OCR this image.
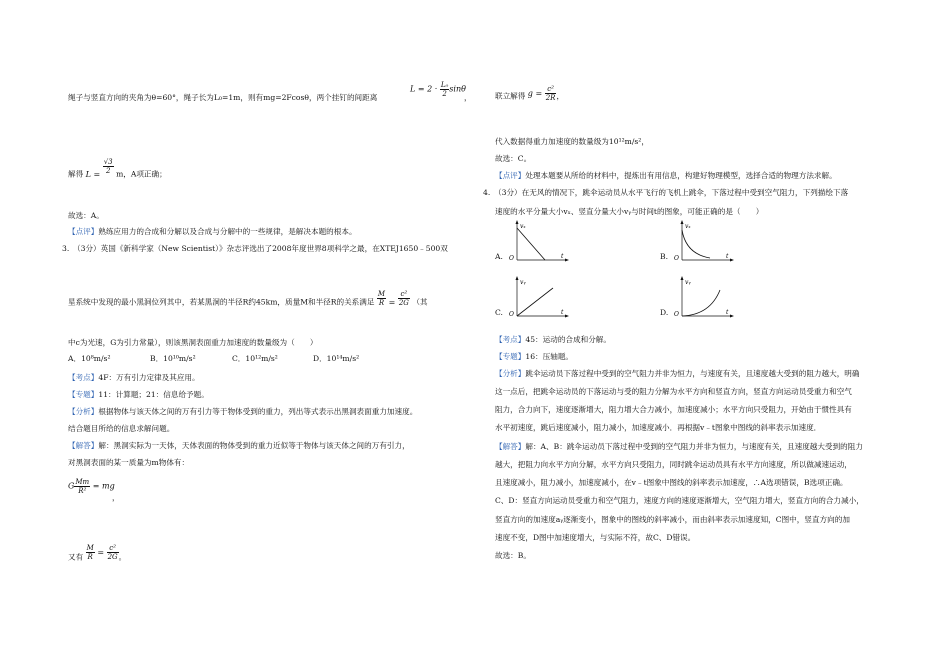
绳子与竖直方向的夹角为θ=60°，绳子长为L₀=1m，则有mg=2Fcosθ，两个挂钉的间距离
$L = 2 \cdot \frac{\text{L₀}}{2}$ sinθ
，
解得 $L = \frac{√3}{2}$ m，A项正确；
故选：A。
【点评】熟练应用力的合成和分解以及合成与分解中的一些规律，是解决本题的根本。
3.　（3分）英国《新科学家（New Scientist）》杂志评选出了2008年度世界8项科学之最，在XTEJ1650﹣500双
星系统中发现的最小黑洞位列其中，若某黑洞的半径R约45km，质量M和半径R的关系满足 $\frac{M}{R} = \frac{\text{c²}}{2G}$ （其
中c为光速，G为引力常量），则该黑洞表面重力加速度的数量级为（　　）
A．10⁸m/s²	B．10¹⁰m/s²	C．10¹²m/s²	D．10¹⁴m/s²
【考点】4F：万有引力定律及其应用。
【专题】11：计算题；21：信息给予题。
【分析】根据物体与该天体之间的万有引力等于物体受到的重力，列出等式表示出黑洞表面重力加速度。
结合题目所给的信息求解问题。
【解答】解：黑洞实际为一天体，天体表面的物体受到的重力近似等于物体与该天体之间的万有引力，
对黑洞表面的某一质量为m物体有：
G $\frac{Mm}{\text{R²}}$ = mg
，
又有 $\frac{M}{R} = \frac{\text{c²}}{2G}$ 。
联立解得 $g = \frac{\text{c²}}{2R}$ ，
代入数据得重力加速度的数量级为10¹²m/s²，
故选：C。
【点评】处理本题要从所给的材料中，提炼出有用信息，构建好物理模型，选择合适的物理方法求解。
4.　（3分）在无风的情况下，跳伞运动员从水平飞行的飞机上跳伞，下落过程中受到空气阻力，下列描绘下落
速度的水平分量大小vₓ、竖直分量大小vᵧ与时间t的图象，可能正确的是（　　）
A.
vₓ
t
O	B.
vₓ
t
O
C.
vᵧ
t
O	D.
vᵧ
t
O
【考点】45：运动的合成和分解。
【专题】16：压轴题。
【分析】跳伞运动员下落过程中受到的空气阻力并非为恒力，与速度有关，且速度越大受到的阻力越大，明确
这一点后，把跳伞运动员的下落运动与受的阻力分解为水平方向和竖直方向，竖直方向运动员受重力和空气
阻力，合力向下，速度逐渐增大，阻力增大合力减小，加速度减小；水平方向只受阻力，开始由于惯性具有
水平初速度，跳后速度减小，阻力减小，加速度减小．再根据v﹣t图象中图线的斜率表示加速度．
【解答】解：A、B：跳伞运动员下落过程中受到的空气阻力并非为恒力，与速度有关，且速度越大受到的阻力
越大，把阻力向水平方向分解，水平方向只受阻力，同时跳伞运动员具有水平方向速度，所以做减速运动，
且速度减小，阻力减小，加速度减小，在v﹣t图象中图线的斜率表示加速度，∴A选项错误，B选项正确。
C、D：竖直方向运动员受重力和空气阻力，速度方向的速度逐渐增大，空气阻力增大，竖直方向的合力减小，
竖直方向的加速度aᵧ逐渐变小，图象中的图线的斜率减小，而由斜率表示加速度知，C图中，竖直方向的加
速度不变，D图中加速度增大，与实际不符，故C、D错误。
故选：B。
